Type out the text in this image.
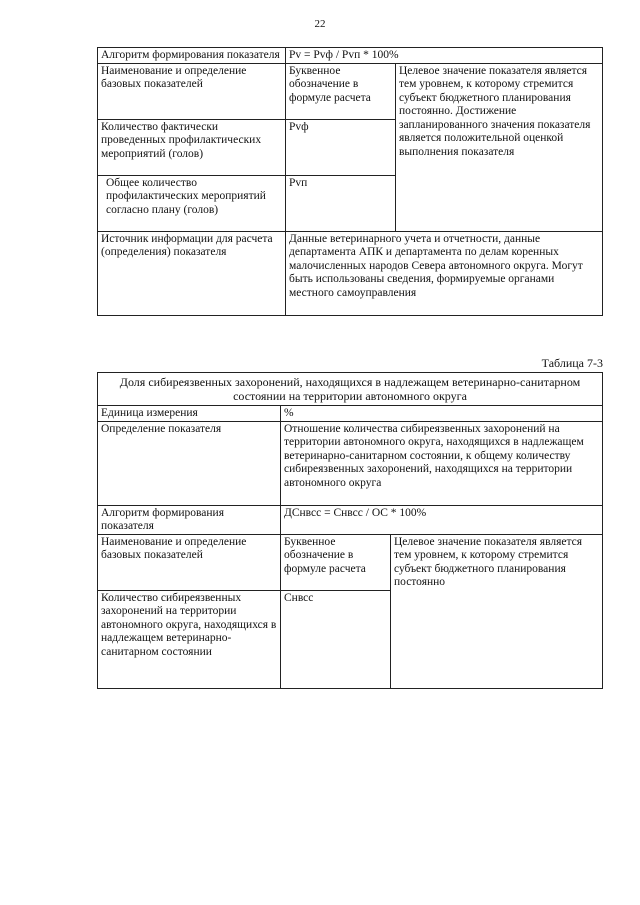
22
Алгоритм формирования показателя	Pv = Pvф / Pvп * 100%	
Наименование и определение базовых показателей	Буквенное обозначение в формуле расчета	Целевое значение показателя является тем уровнем, к которому стремится субъект бюджетного планирования постоянно. Достижение запланированного значения показателя является положительной оценкой выполнения показателя
Количество фактически проведенных профилактических мероприятий (голов)	Pvф	
Общее количество профилактических мероприятий согласно плану (голов)	Pvп	
Источник информации для расчета (определения) показателя	Данные ветеринарного учета и отчетности, данные департамента АПК и департамента по делам коренных малочисленных народов Севера автономного округа. Могут быть использованы сведения, формируемые органами местного самоуправления	
Таблица 7-3
Доля сибиреязвенных захоронений, находящихся в надлежащем ветеринарно-санитарном состоянии на территории автономного округа		
Единица измерения	%	
Определение показателя	Отношение количества сибиреязвенных захоронений на территории автономного округа, находящихся в надлежащем ветеринарно-санитарном состоянии, к общему количеству сибиреязвенных захоронений, находящихся на территории автономного округа	
Алгоритм формирования показателя	ДСнвсс = Снвсс / ОС * 100%	
Наименование и определение базовых показателей	Буквенное обозначение в формуле расчета	Целевое значение показателя является тем уровнем, к которому стремится субъект бюджетного планирования постоянно
Количество сибиреязвенных захоронений на территории автономного округа, находящихся в надлежащем ветеринарно-санитарном состоянии	Снвсс	
